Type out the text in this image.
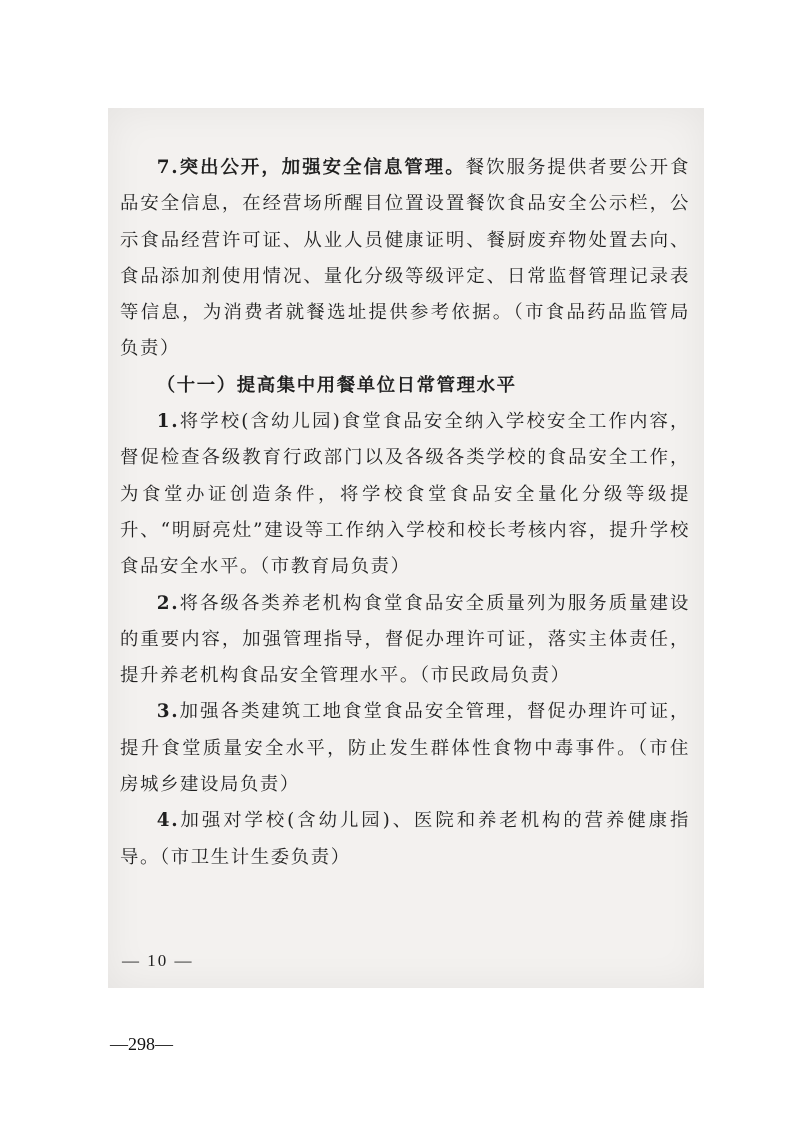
7.突出公开，加强安全信息管理。餐饮服务提供者要公开食品安全信息，在经营场所醒目位置设置餐饮食品安全公示栏，公示食品经营许可证、从业人员健康证明、餐厨废弃物处置去向、食品添加剂使用情况、量化分级等级评定、日常监督管理记录表等信息，为消费者就餐选址提供参考依据。（市食品药品监管局负责）

（十一）提高集中用餐单位日常管理水平

1.将学校(含幼儿园)食堂食品安全纳入学校安全工作内容，督促检查各级教育行政部门以及各级各类学校的食品安全工作，为食堂办证创造条件，将学校食堂食品安全量化分级等级提升、“明厨亮灶”建设等工作纳入学校和校长考核内容，提升学校食品安全水平。（市教育局负责）

2.将各级各类养老机构食堂食品安全质量列为服务质量建设的重要内容，加强管理指导，督促办理许可证，落实主体责任，提升养老机构食品安全管理水平。（市民政局负责）

3.加强各类建筑工地食堂食品安全管理，督促办理许可证，提升食堂质量安全水平，防止发生群体性食物中毒事件。（市住房城乡建设局负责）

4.加强对学校(含幼儿园)、医院和养老机构的营养健康指导。（市卫生计生委负责）

— 10 —
—298—
